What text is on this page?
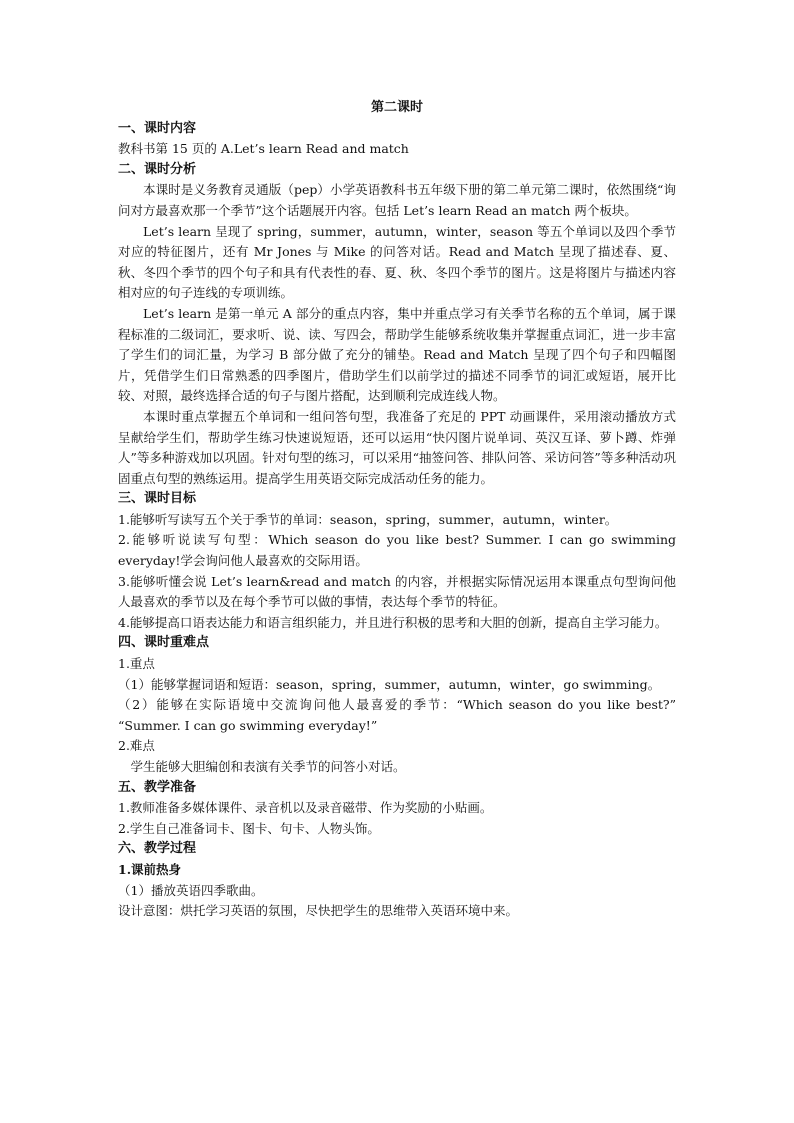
第二课时

一、课时内容

教科书第 15 页的 A.Let’s learn Read and match

二、课时分析

本课时是义务教育灵通版（pep）小学英语教科书五年级下册的第二单元第二课时，依然围绕“询问对方最喜欢那一个季节”这个话题展开内容。包括 Let’s learn Read an match 两个板块。

Let’s learn 呈现了 spring，summer，autumn，winter，season 等五个单词以及四个季节对应的特征图片，还有 Mr Jones 与 Mike 的问答对话。Read and Match 呈现了描述春、夏、秋、冬四个季节的四个句子和具有代表性的春、夏、秋、冬四个季节的图片。这是将图片与描述内容相对应的句子连线的专项训练。

Let’s learn 是第一单元 A 部分的重点内容，集中并重点学习有关季节名称的五个单词，属于课程标准的二级词汇，要求听、说、读、写四会，帮助学生能够系统收集并掌握重点词汇，进一步丰富了学生们的词汇量，为学习 B 部分做了充分的铺垫。Read and Match 呈现了四个句子和四幅图片，凭借学生们日常熟悉的四季图片，借助学生们以前学过的描述不同季节的词汇或短语，展开比较、对照，最终选择合适的句子与图片搭配，达到顺利完成连线人物。

本课时重点掌握五个单词和一组问答句型，我准备了充足的 PPT 动画课件，采用滚动播放方式呈献给学生们，帮助学生练习快速说短语，还可以运用“快闪图片说单词、英汉互译、萝卜蹲、炸弹人”等多种游戏加以巩固。针对句型的练习，可以采用“抽签问答、排队问答、采访问答”等多种活动巩固重点句型的熟练运用。提高学生用英语交际完成活动任务的能力。

三、课时目标

1.能够听写读写五个关于季节的单词：season，spring，summer，autumn，winter。

2.能够听说读写句型：Which season do you like best? Summer. I can go swimming everyday!学会询问他人最喜欢的交际用语。

3.能够听懂会说 Let’s learn&read and match 的内容，并根据实际情况运用本课重点句型询问他人最喜欢的季节以及在每个季节可以做的事情，表达每个季节的特征。

4.能够提高口语表达能力和语言组织能力，并且进行积极的思考和大胆的创新，提高自主学习能力。

四、课时重难点

1.重点

（1）能够掌握词语和短语：season，spring，summer，autumn，winter，go swimming。

（2）能够在实际语境中交流询问他人最喜爱的季节：“Which season do you like best?” “Summer. I can go swimming everyday!”

2.难点

学生能够大胆编创和表演有关季节的问答小对话。

五、教学准备

1.教师准备多媒体课件、录音机以及录音磁带、作为奖励的小贴画。

2.学生自己准备词卡、图卡、句卡、人物头饰。

六、教学过程

1.课前热身

（1）播放英语四季歌曲。

设计意图：烘托学习英语的氛围，尽快把学生的思维带入英语环境中来。
